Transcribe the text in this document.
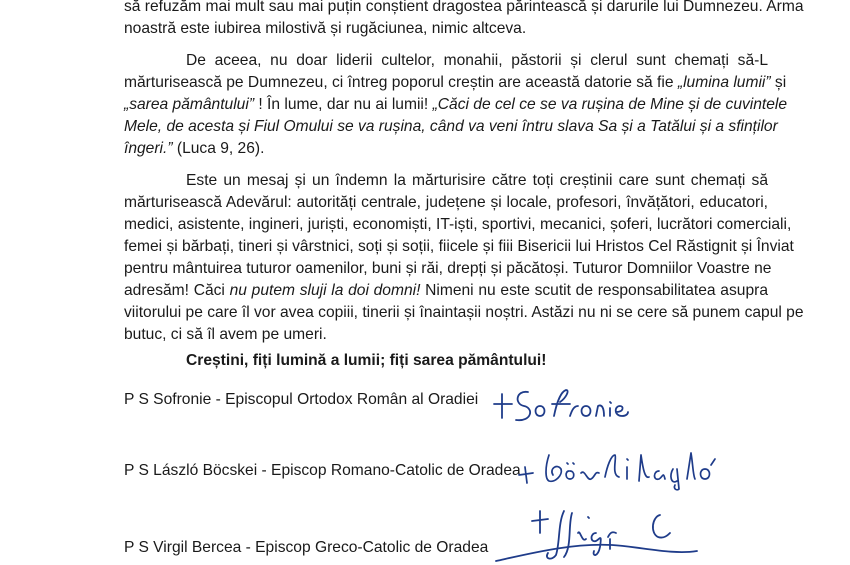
să refuzăm mai mult sau mai puțin conștient dragostea părintească și darurile lui Dumnezeu. Arma
noastră este iubirea milostivă și rugăciunea, nimic altceva.
De aceea, nu doar liderii cultelor, monahii, păstorii și clerul sunt chemați să-L
mărturisească pe Dumnezeu, ci întreg poporul creștin are această datorie să fie „lumina lumii” și
„sarea pământului” ! În lume, dar nu ai lumii! „Căci de cel ce se va rușina de Mine și de cuvintele
Mele, de acesta și Fiul Omului se va rușina, când va veni întru slava Sa și a Tatălui și a sfinților
îngeri.” (Luca 9, 26).
Este un mesaj și un îndemn la mărturisire către toți creștinii care sunt chemați să
mărturisească Adevărul: autorități centrale, județene și locale, profesori, învățători, educatori,
medici, asistente, ingineri, juriști, economiști, IT-iști, sportivi, mecanici, șoferi, lucrători comerciali,
femei și bărbați, tineri și vârstnici, soți și soții, fiicele și fiii Bisericii lui Hristos Cel Răstignit și Înviat
pentru mântuirea tuturor oamenilor, buni și răi, drepți și păcătoși. Tuturor Domniilor Voastre ne
adresăm! Căci nu putem sluji la doi domni! Nimeni nu este scutit de responsabilitatea asupra
viitorului pe care îl vor avea copiii, tinerii și înaintașii noștri. Astăzi nu ni se cere să punem capul pe
butuc, ci să îl avem pe umeri.
Creștini, fiți lumină a lumii; fiți sarea pământului!
P S Sofronie - Episcopul Ortodox Român al Oradiei
P S László Böcskei - Episcop Romano-Catolic de Oradea
P S Virgil Bercea - Episcop Greco-Catolic de Oradea
